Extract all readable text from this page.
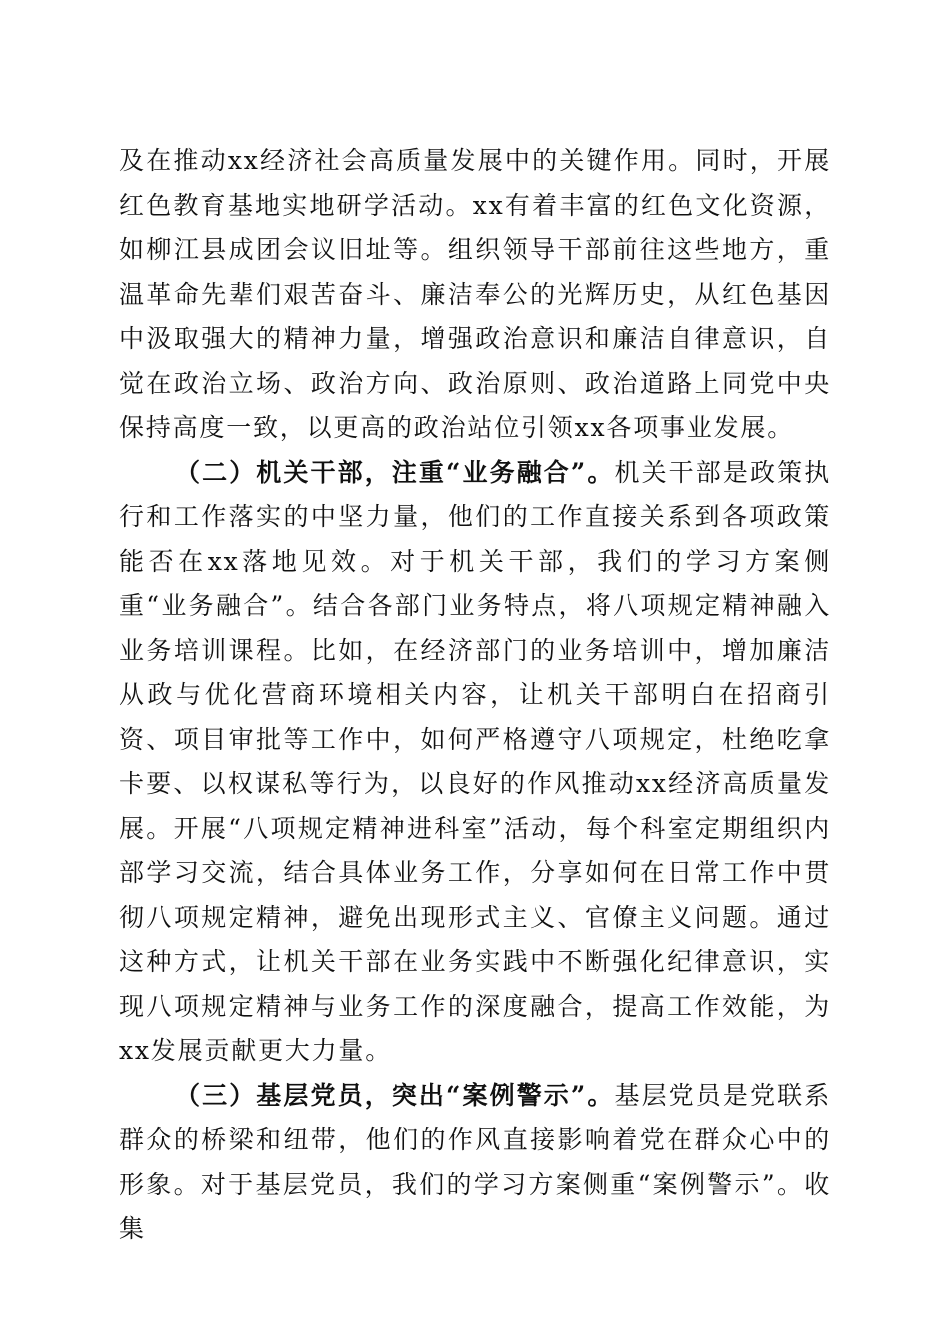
及在推动xx经济社会高质量发展中的关键作用。同时，开展红色教育基地实地研学活动。xx有着丰富的红色文化资源，如柳江县成团会议旧址等。组织领导干部前往这些地方，重温革命先辈们艰苦奋斗、廉洁奉公的光辉历史，从红色基因中汲取强大的精神力量，增强政治意识和廉洁自律意识，自觉在政治立场、政治方向、政治原则、政治道路上同党中央保持高度一致，以更高的政治站位引领xx各项事业发展。

（二）机关干部，注重“业务融合”。机关干部是政策执行和工作落实的中坚力量，他们的工作直接关系到各项政策能否在xx落地见效。对于机关干部，我们的学习方案侧重“业务融合”。结合各部门业务特点，将八项规定精神融入业务培训课程。比如，在经济部门的业务培训中，增加廉洁从政与优化营商环境相关内容，让机关干部明白在招商引资、项目审批等工作中，如何严格遵守八项规定，杜绝吃拿卡要、以权谋私等行为，以良好的作风推动xx经济高质量发展。开展“八项规定精神进科室”活动，每个科室定期组织内部学习交流，结合具体业务工作，分享如何在日常工作中贯彻八项规定精神，避免出现形式主义、官僚主义问题。通过这种方式，让机关干部在业务实践中不断强化纪律意识，实现八项规定精神与业务工作的深度融合，提高工作效能，为xx发展贡献更大力量。

（三）基层党员，突出“案例警示”。基层党员是党联系群众的桥梁和纽带，他们的作风直接影响着党在群众心中的形象。对于基层党员，我们的学习方案侧重“案例警示”。收集
